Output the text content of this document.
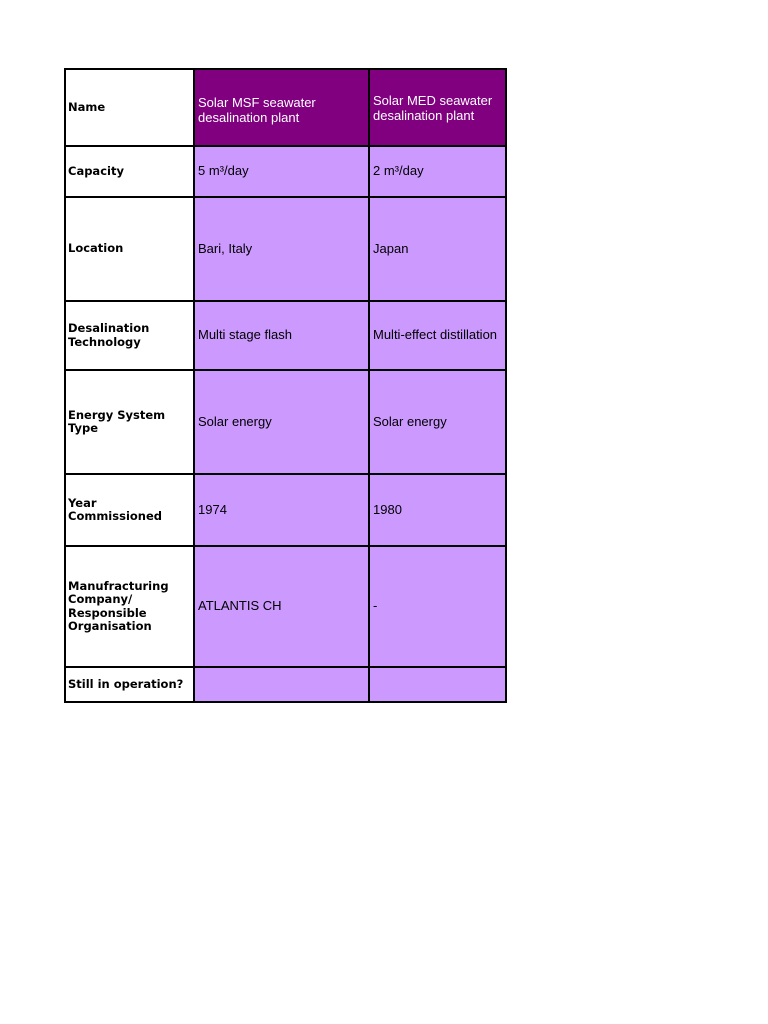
Name	Solar MSF seawater desalination plant	Solar MED seawater desalination plant
Capacity	5 m³/day	2 m³/day
Location	Bari, Italy	Japan
Desalination Technology	Multi stage flash	Multi-effect distillation
Energy System Type	Solar energy	Solar energy
Year Commissioned	1974	1980
Manufracturing Company/ Responsible Organisation	ATLANTIS CH	-
Still in operation?		
